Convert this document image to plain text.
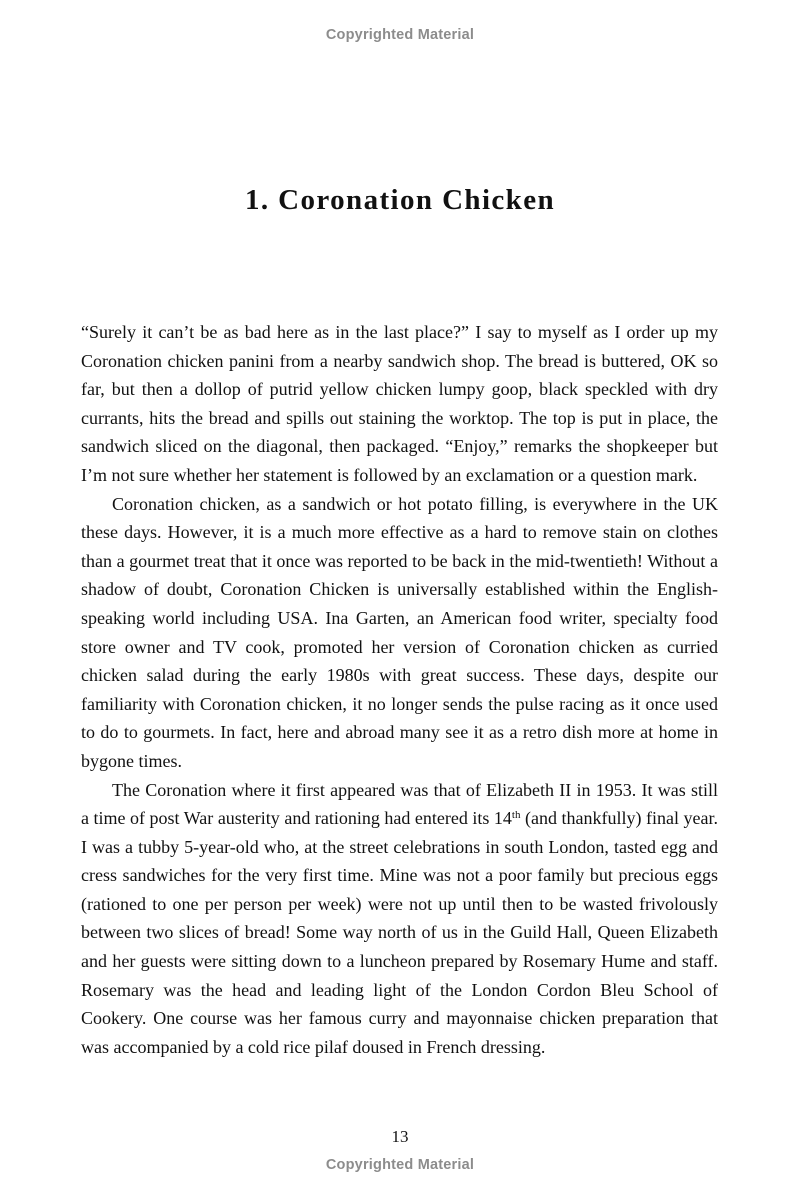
Copyrighted Material
1. Coronation Chicken

“Surely it can’t be as bad here as in the last place?” I say to myself as I order up my Coronation chicken panini from a nearby sandwich shop. The bread is buttered, OK so far, but then a dollop of putrid yellow chicken lumpy goop, black speckled with dry currants, hits the bread and spills out staining the worktop. The top is put in place, the sandwich sliced on the diagonal, then packaged. “Enjoy,” remarks the shopkeeper but I’m not sure whether her statement is followed by an exclamation or a question mark.

Coronation chicken, as a sandwich or hot potato filling, is everywhere in the UK these days. However, it is a much more effective as a hard to remove stain on clothes than a gourmet treat that it once was reported to be back in the mid-twentieth! Without a shadow of doubt, Coronation Chicken is universally established within the English-speaking world including USA. Ina Garten, an American food writer, specialty food store owner and TV cook, promoted her version of Coronation chicken as curried chicken salad during the early 1980s with great success. These days, despite our familiarity with Coronation chicken, it no longer sends the pulse racing as it once used to do to gourmets. In fact, here and abroad many see it as a retro dish more at home in bygone times.

The Coronation where it first appeared was that of Elizabeth II in 1953. It was still a time of post War austerity and rationing had entered its 14th (and thankfully) final year. I was a tubby 5-year-old who, at the street celebrations in south London, tasted egg and cress sandwiches for the very first time. Mine was not a poor family but precious eggs (rationed to one per person per week) were not up until then to be wasted frivolously between two slices of bread! Some way north of us in the Guild Hall, Queen Elizabeth and her guests were sitting down to a luncheon prepared by Rosemary Hume and staff. Rosemary was the head and leading light of the London Cordon Bleu School of Cookery. One course was her famous curry and mayonnaise chicken preparation that was accompanied by a cold rice pilaf doused in French dressing.

13
Copyrighted Material
